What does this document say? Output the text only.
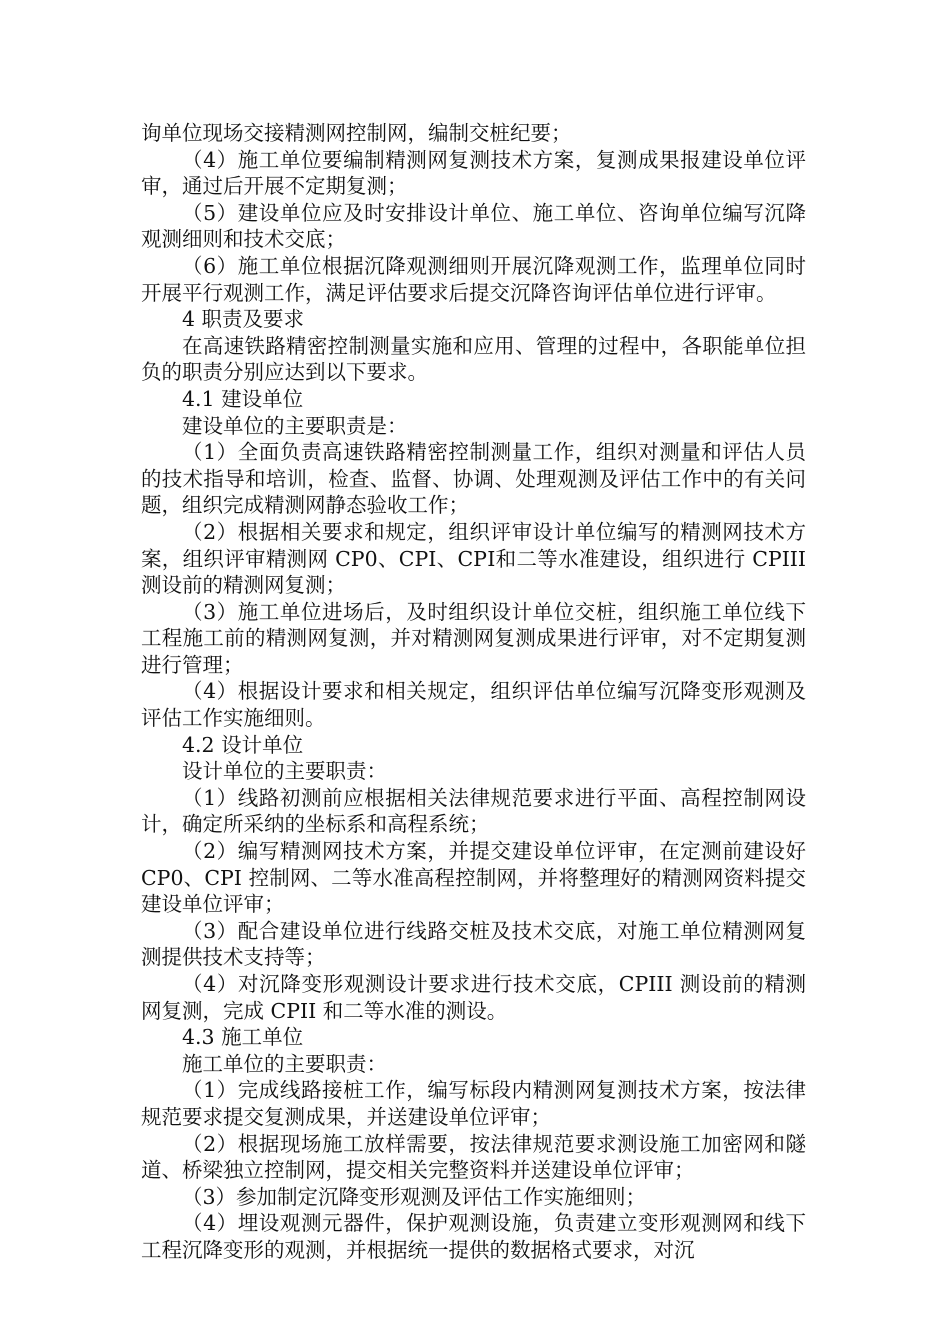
询单位现场交接精测网控制网，编制交桩纪要；

（4）施工单位要编制精测网复测技术方案，复测成果报建设单位评审，通过后开展不定期复测；

（5）建设单位应及时安排设计单位、施工单位、咨询单位编写沉降观测细则和技术交底；

（6）施工单位根据沉降观测细则开展沉降观测工作，监理单位同时开展平行观测工作，满足评估要求后提交沉降咨询评估单位进行评审。

4 职责及要求

在高速铁路精密控制测量实施和应用、管理的过程中，各职能单位担负的职责分别应达到以下要求。

4.1 建设单位

建设单位的主要职责是：

（1）全面负责高速铁路精密控制测量工作，组织对测量和评估人员的技术指导和培训，检查、监督、协调、处理观测及评估工作中的有关问题，组织完成精测网静态验收工作；

（2）根据相关要求和规定，组织评审设计单位编写的精测网技术方案，组织评审精测网 CP0、CPI、CPⅠ和二等水准建设，组织进行 CPIII 测设前的精测网复测；

（3）施工单位进场后，及时组织设计单位交桩，组织施工单位线下工程施工前的精测网复测，并对精测网复测成果进行评审，对不定期复测进行管理；

（4）根据设计要求和相关规定，组织评估单位编写沉降变形观测及评估工作实施细则。

4.2 设计单位

设计单位的主要职责：

（1）线路初测前应根据相关法律规范要求进行平面、高程控制网设计，确定所采纳的坐标系和高程系统；

（2）编写精测网技术方案，并提交建设单位评审，在定测前建设好 CP0、CPI 控制网、二等水准高程控制网，并将整理好的精测网资料提交建设单位评审；

（3）配合建设单位进行线路交桩及技术交底，对施工单位精测网复测提供技术支持等；

（4）对沉降变形观测设计要求进行技术交底，CPIII 测设前的精测网复测，完成 CPII 和二等水准的测设。

4.3 施工单位

施工单位的主要职责：

（1）完成线路接桩工作，编写标段内精测网复测技术方案，按法律规范要求提交复测成果，并送建设单位评审；

（2）根据现场施工放样需要，按法律规范要求测设施工加密网和隧道、桥梁独立控制网，提交相关完整资料并送建设单位评审；

（3）参加制定沉降变形观测及评估工作实施细则；

（4）埋设观测元器件，保护观测设施，负责建立变形观测网和线下工程沉降变形的观测，并根据统一提供的数据格式要求，对沉
